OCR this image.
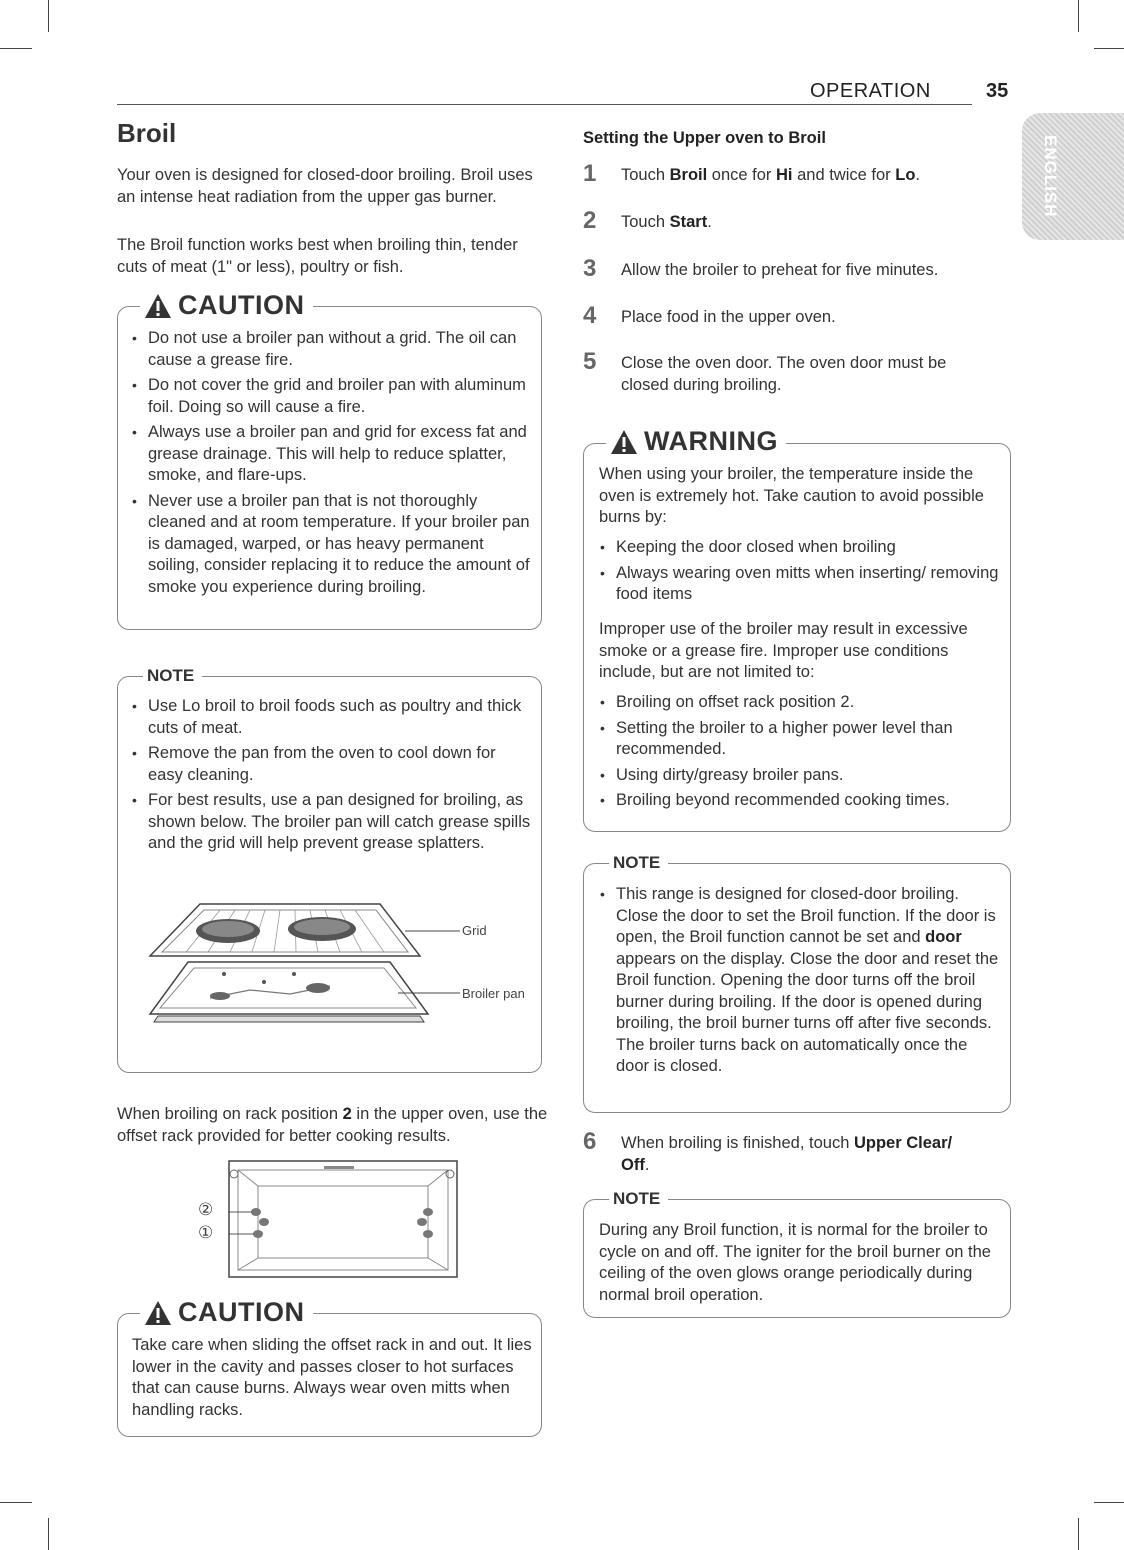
OPERATION	35
ENGLISH
Broil

Your oven is designed for closed-door broiling. Broil uses an intense heat radiation from the upper gas burner.

The Broil function works best when broiling thin, tender cuts of meat (1" or less), poultry or fish.

CAUTION
• Do not use a broiler pan without a grid. The oil can cause a grease fire.
• Do not cover the grid and broiler pan with aluminum foil. Doing so will cause a fire.
• Always use a broiler pan and grid for excess fat and grease drainage. This will help to reduce splatter, smoke, and flare-ups.
• Never use a broiler pan that is not thoroughly cleaned and at room temperature. If your broiler pan is damaged, warped, or has heavy permanent soiling, consider replacing it to reduce the amount of smoke you experience during broiling.
NOTE
• Use Lo broil to broil foods such as poultry and thick cuts of meat.
• Remove the pan from the oven to cool down for easy cleaning.
• For best results, use a pan designed for broiling, as shown below. The broiler pan will catch grease spills and the grid will help prevent grease splatters.
Grid
Broiler pan

When broiling on rack position 2 in the upper oven, use the offset rack provided for better cooking results.

②
①
CAUTION

Take care when sliding the offset rack in and out. It lies lower in the cavity and passes closer to hot surfaces that can cause burns. Always wear oven mitts when handling racks.

Setting the Upper oven to Broil
1 Touch Broil once for Hi and twice for Lo.
2 Touch Start.
3 Allow the broiler to preheat for five minutes.
4 Place food in the upper oven.
5 Close the oven door. The oven door must be closed during broiling.
WARNING

When using your broiler, the temperature inside the oven is extremely hot. Take caution to avoid possible burns by:

• Keeping the door closed when broiling
• Always wearing oven mitts when inserting/ removing food items

Improper use of the broiler may result in excessive smoke or a grease fire. Improper use conditions include, but are not limited to:

• Broiling on offset rack position 2.
• Setting the broiler to a higher power level than recommended.
• Using dirty/greasy broiler pans.
• Broiling beyond recommended cooking times.
NOTE
• This range is designed for closed-door broiling. Close the door to set the Broil function. If the door is open, the Broil function cannot be set and door appears on the display. Close the door and reset the Broil function. Opening the door turns off the broil burner during broiling. If the door is opened during broiling, the broil burner turns off after five seconds. The broiler turns back on automatically once the door is closed.
6 When broiling is finished, touch Upper Clear/ Off.
NOTE

During any Broil function, it is normal for the broiler to cycle on and off. The igniter for the broil burner on the ceiling of the oven glows orange periodically during normal broil operation.
